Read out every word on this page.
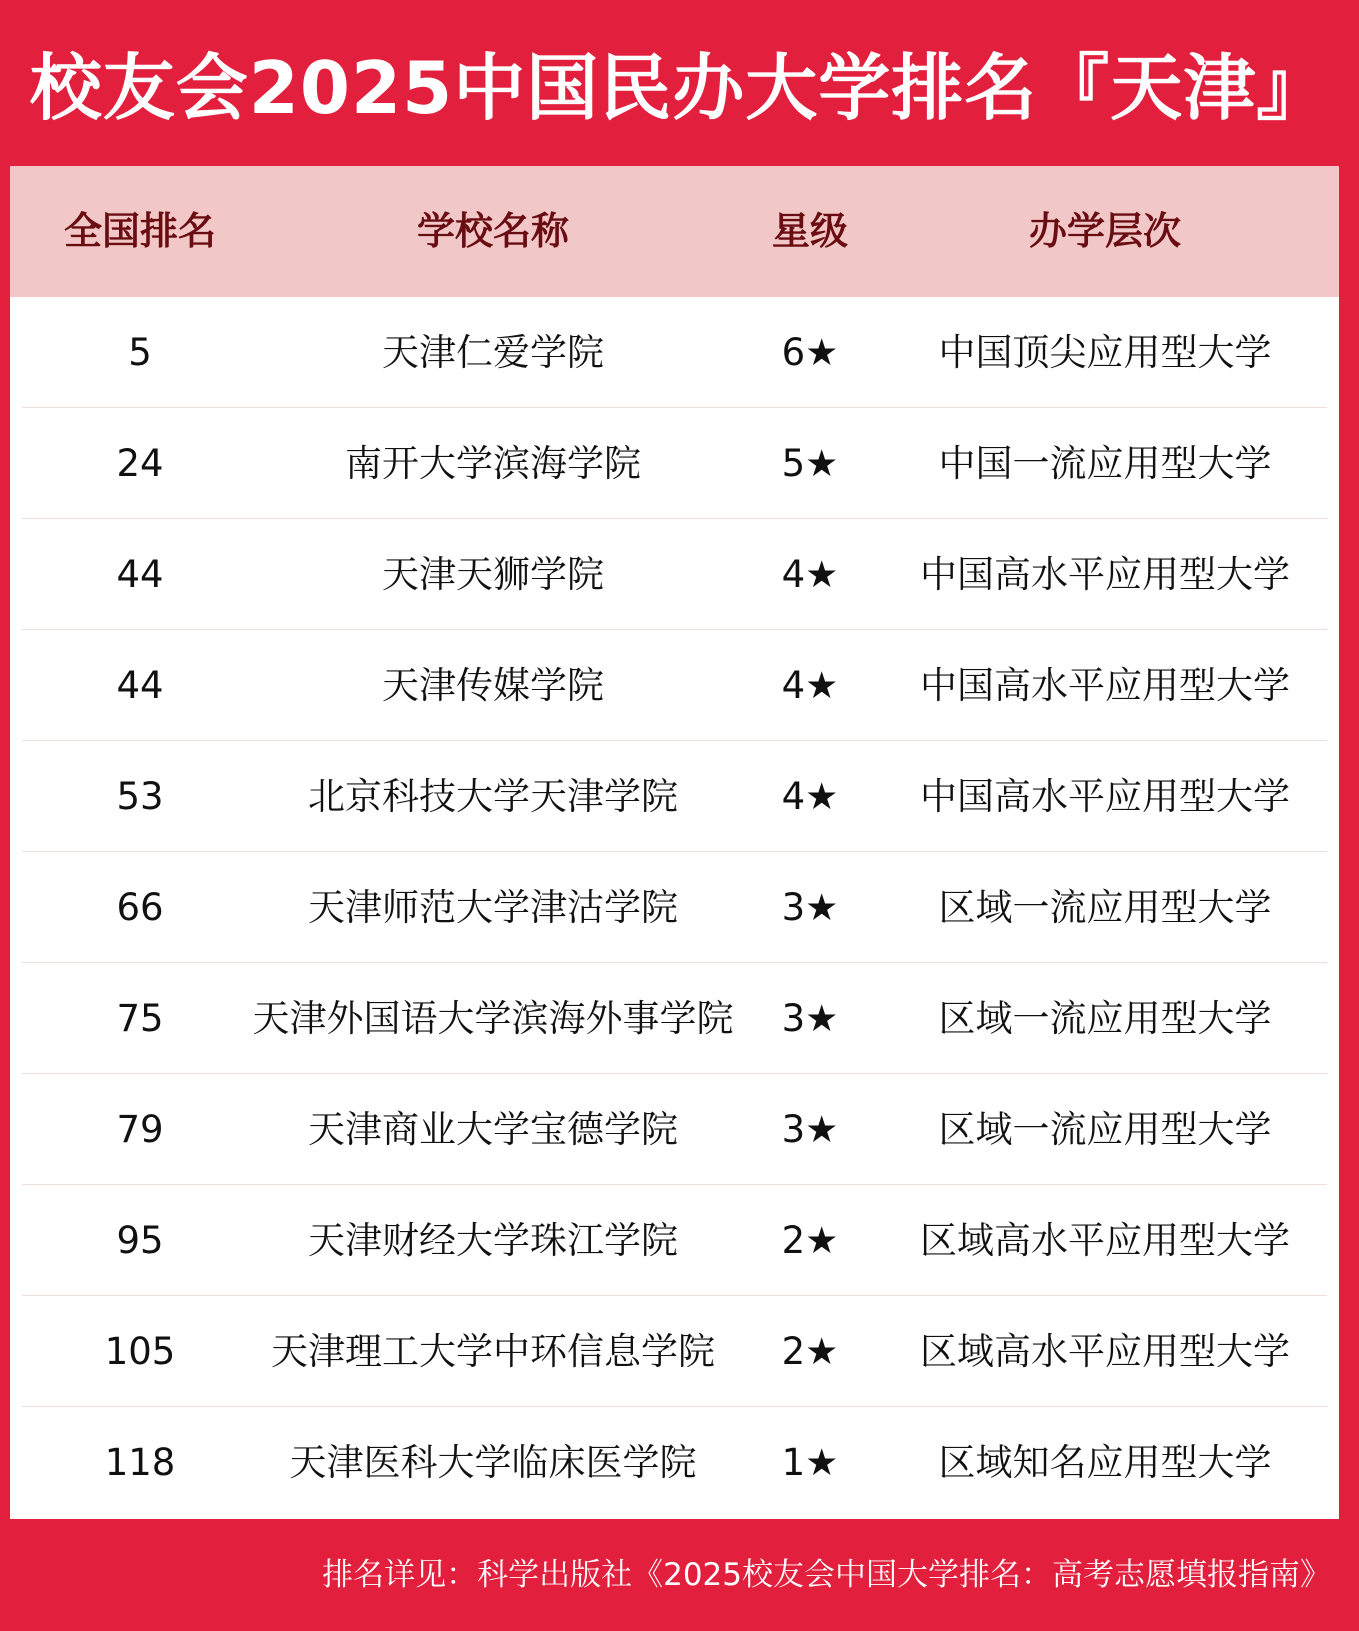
校友会2025中国民办大学排名『天津』
全国排名	学校名称	星级	办学层次
5	天津仁爱学院	6★	中国顶尖应用型大学
24	南开大学滨海学院	5★	中国一流应用型大学
44	天津天狮学院	4★	中国高水平应用型大学
44	天津传媒学院	4★	中国高水平应用型大学
53	北京科技大学天津学院	4★	中国高水平应用型大学
66	天津师范大学津沽学院	3★	区域一流应用型大学
75	天津外国语大学滨海外事学院	3★	区域一流应用型大学
79	天津商业大学宝德学院	3★	区域一流应用型大学
95	天津财经大学珠江学院	2★	区域高水平应用型大学
105	天津理工大学中环信息学院	2★	区域高水平应用型大学
118	天津医科大学临床医学院	1★	区域知名应用型大学
排名详见：科学出版社《2025校友会中国大学排名：高考志愿填报指南》
